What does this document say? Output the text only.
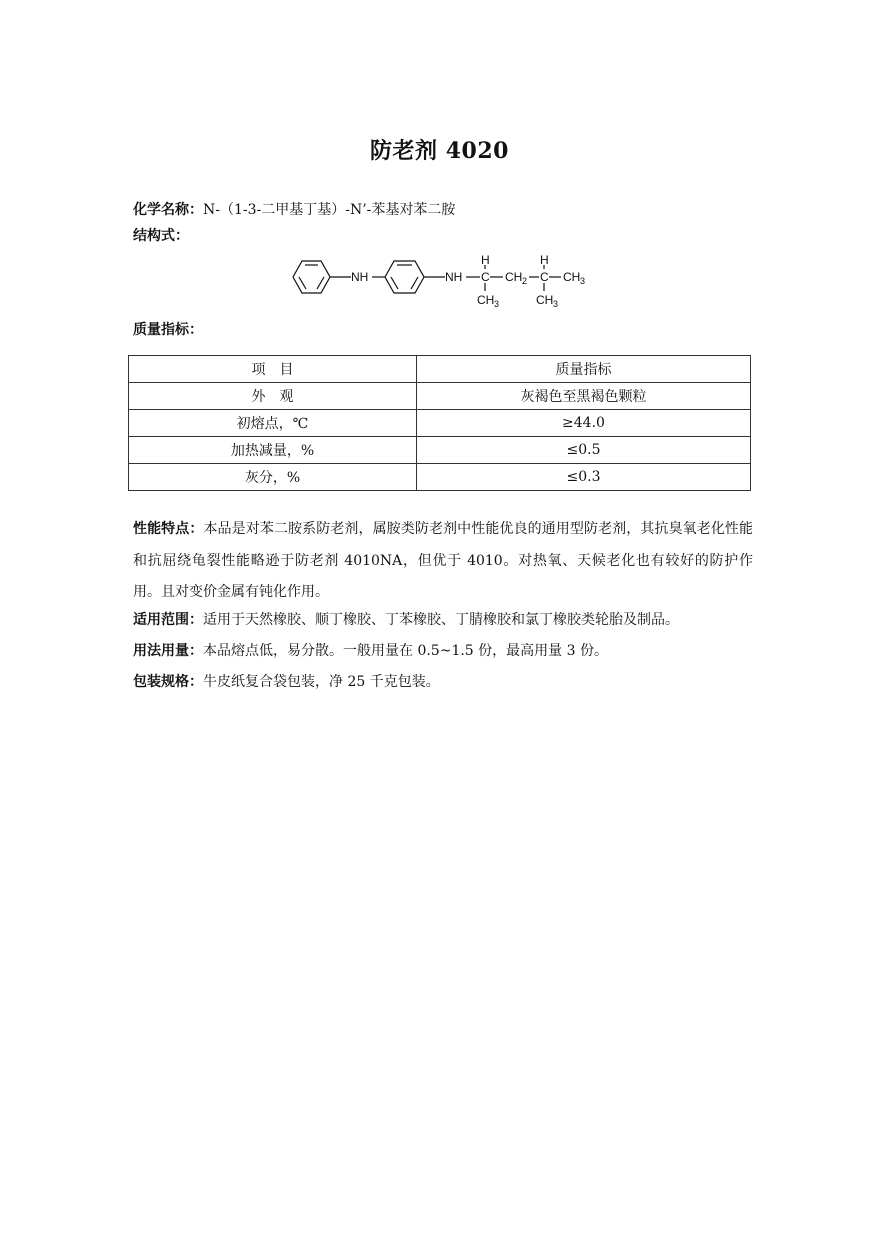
防老剂 4020
化学名称：N-（1-3-二甲基丁基）-N’-苯基对苯二胺
结构式：
NH	NH C
H
CH 3
CH 2 C
H
CH 3
CH 3
质量指标：
项　目	质量指标
外　观	灰褐色至黑褐色颗粒
初熔点，℃	≥44.0
加热减量，%	≤0.5
灰分，%	≤0.3
性能特点：本品是对苯二胺系防老剂，属胺类防老剂中性能优良的通用型防老剂，其抗臭氧老化性能和抗屈绕龟裂性能略逊于防老剂 4010NA，但优于 4010。对热氧、天候老化也有较好的防护作用。且对变价金属有钝化作用。
适用范围：适用于天然橡胶、顺丁橡胶、丁苯橡胶、丁腈橡胶和氯丁橡胶类轮胎及制品。
用法用量：本品熔点低，易分散。一般用量在 0.5~1.5 份，最高用量 3 份。
包装规格：牛皮纸复合袋包装，净 25 千克包装。
